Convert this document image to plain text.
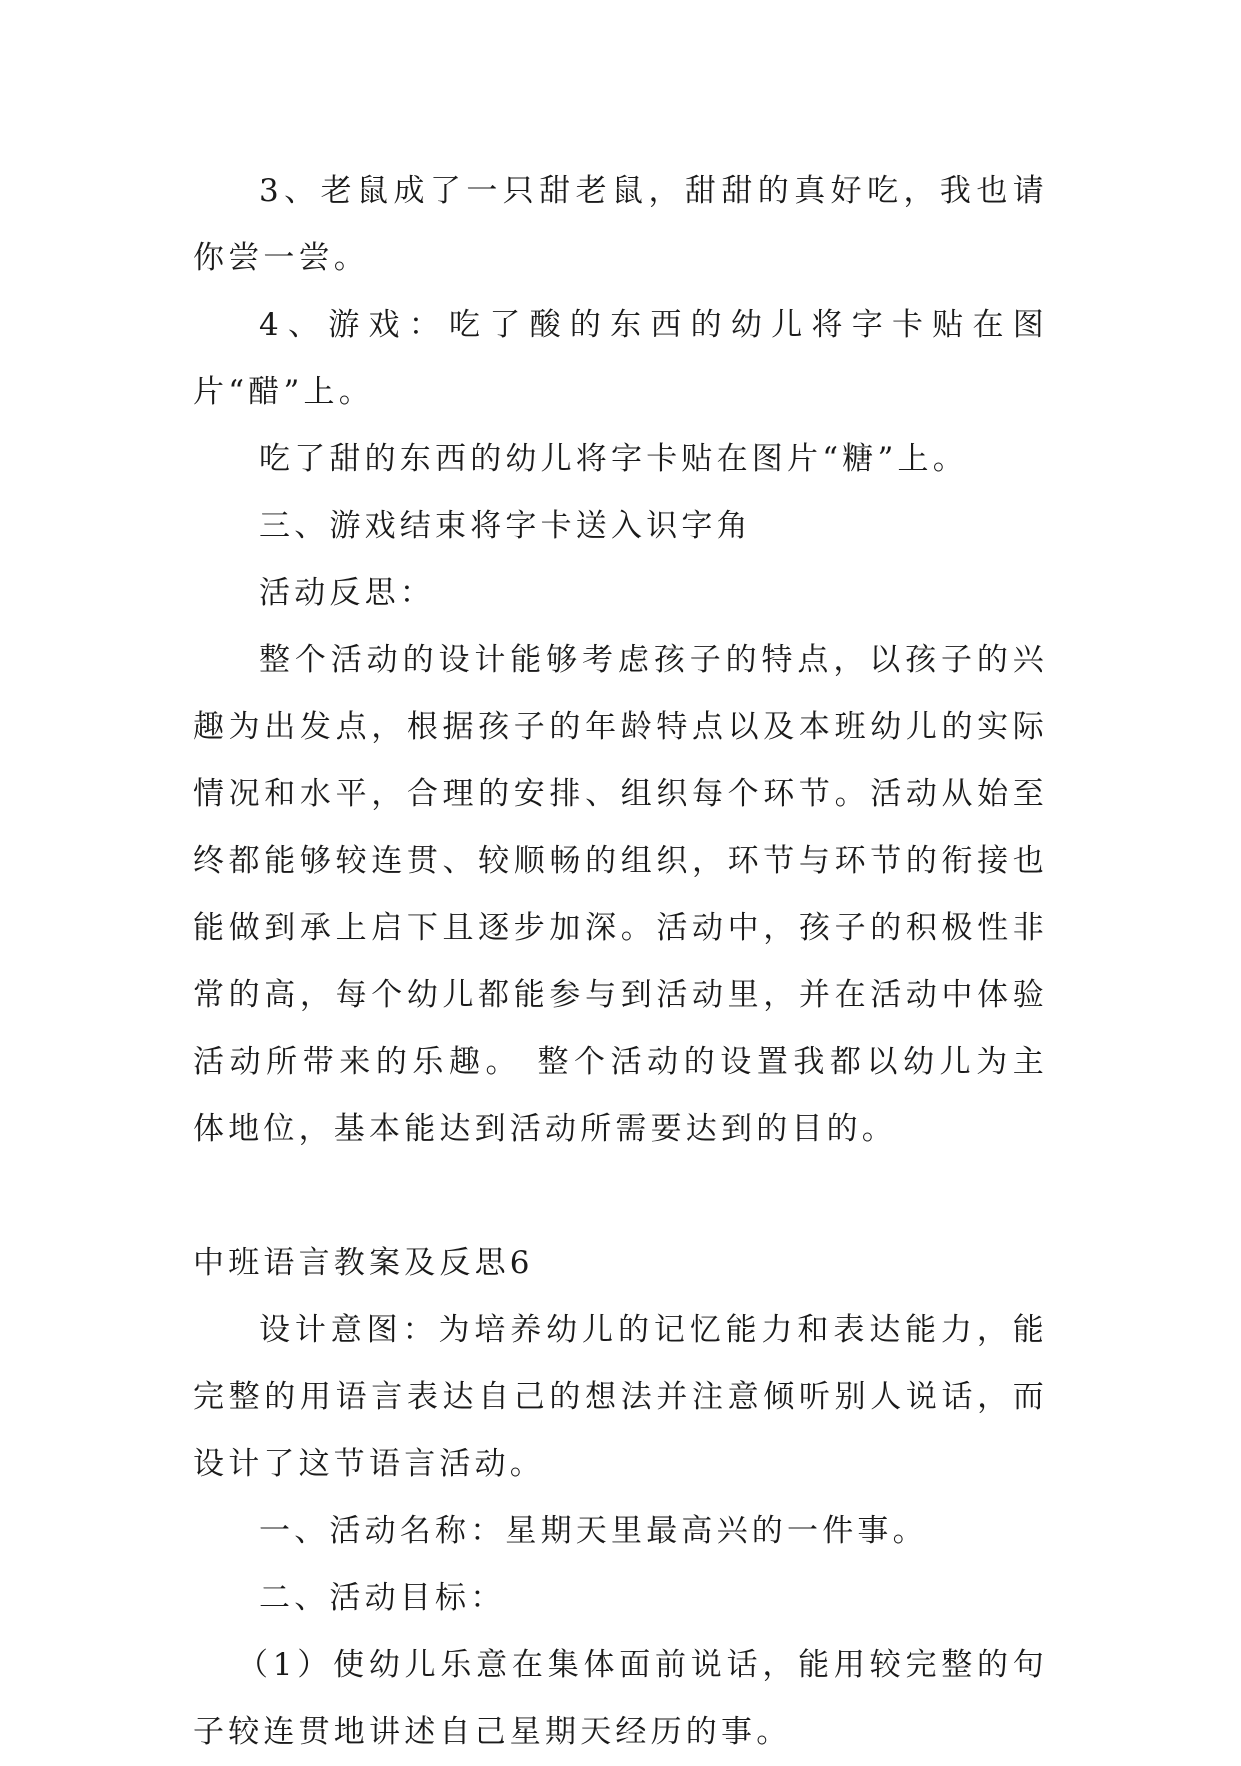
3、老鼠成了一只甜老鼠，甜甜的真好吃，我也请你尝一尝。

4、游戏：吃了酸的东西的幼儿将字卡贴在图片“醋”上。

吃了甜的东西的幼儿将字卡贴在图片“糖”上。

三、游戏结束将字卡送入识字角

活动反思：

整个活动的设计能够考虑孩子的特点，以孩子的兴趣为出发点，根据孩子的年龄特点以及本班幼儿的实际情况和水平，合理的安排、组织每个环节。活动从始至终都能够较连贯、较顺畅的组织，环节与环节的衔接也能做到承上启下且逐步加深。活动中，孩子的积极性非常的高，每个幼儿都能参与到活动里，并在活动中体验活动所带来的乐趣。 整个活动的设置我都以幼儿为主体地位，基本能达到活动所需要达到的目的。

中班语言教案及反思6

设计意图：为培养幼儿的记忆能力和表达能力，能完整的用语言表达自己的想法并注意倾听别人说话，而设计了这节语言活动。

一、活动名称：星期天里最高兴的一件事。

二、活动目标：

（1）使幼儿乐意在集体面前说话，能用较完整的句子较连贯地讲述自己星期天经历的事。
